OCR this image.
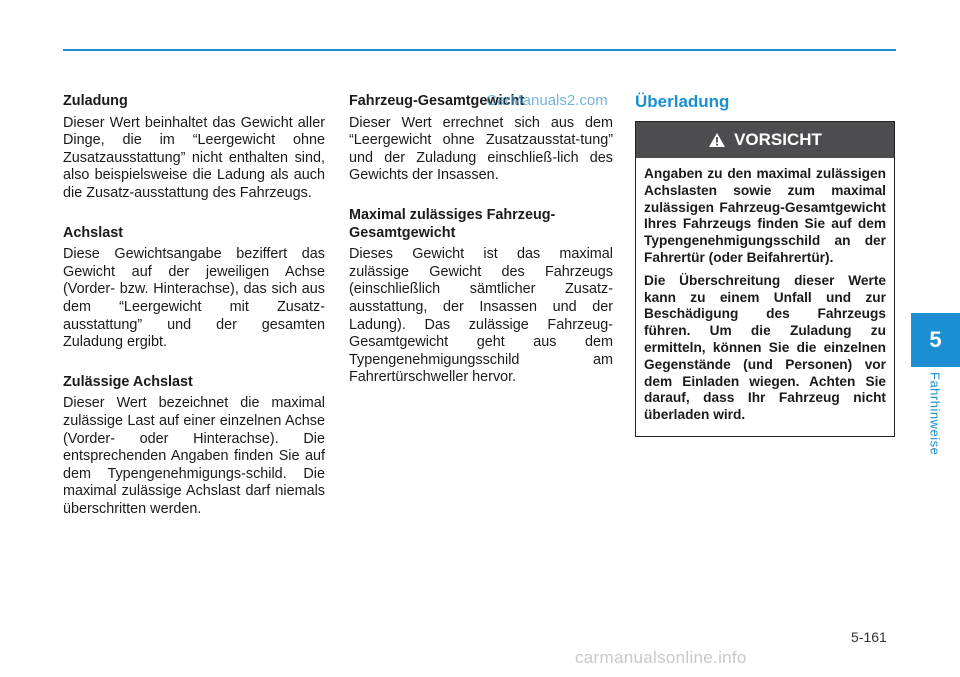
Zuladung

Dieser Wert beinhaltet das Gewicht aller Dinge, die im “Leergewicht ohne Zusatzausstattung” nicht enthalten sind, also beispielsweise die Ladung als auch die Zusatz-ausstattung des Fahrzeugs.

Achslast

Diese Gewichtsangabe beziffert das Gewicht auf der jeweiligen Achse (Vorder- bzw. Hinterachse), das sich aus dem “Leergewicht mit Zusatz-ausstattung” und der gesamten Zuladung ergibt.

Zulässige Achslast

Dieser Wert bezeichnet die maximal zulässige Last auf einer einzelnen Achse (Vorder- oder Hinterachse). Die entsprechenden Angaben finden Sie auf dem Typengenehmigungs-schild. Die maximal zulässige Achslast darf niemals überschritten werden.

Fahrzeug-Gesamtgewicht

Dieser Wert errechnet sich aus dem “Leergewicht ohne Zusatzausstat-tung” und der Zuladung einschließ-lich des Gewichts der Insassen.

Maximal zulässiges Fahrzeug-Gesamtgewicht

Dieses Gewicht ist das maximal zulässige Gewicht des Fahrzeugs (einschließlich sämtlicher Zusatz-ausstattung, der Insassen und der Ladung). Das zulässige Fahrzeug-Gesamtgewicht geht aus dem Typengenehmigungsschild am Fahrertürschweller hervor.

CarManuals2.com Überladung
VORSICHT

Angaben zu den maximal zulässigen Achslasten sowie zum maximal zulässigen Fahrzeug-Gesamtgewicht Ihres Fahrzeugs finden Sie auf dem Typengenehmigungsschild an der Fahrertür (oder Beifahrertür).

Die Überschreitung dieser Werte kann zu einem Unfall und zur Beschädigung des Fahrzeugs führen. Um die Zuladung zu ermitteln, können Sie die einzelnen Gegenstände (und Personen) vor dem Einladen wiegen. Achten Sie darauf, dass Ihr Fahrzeug nicht überladen wird.

5
Fahrhinweise
5-161
carmanualsonline.info
